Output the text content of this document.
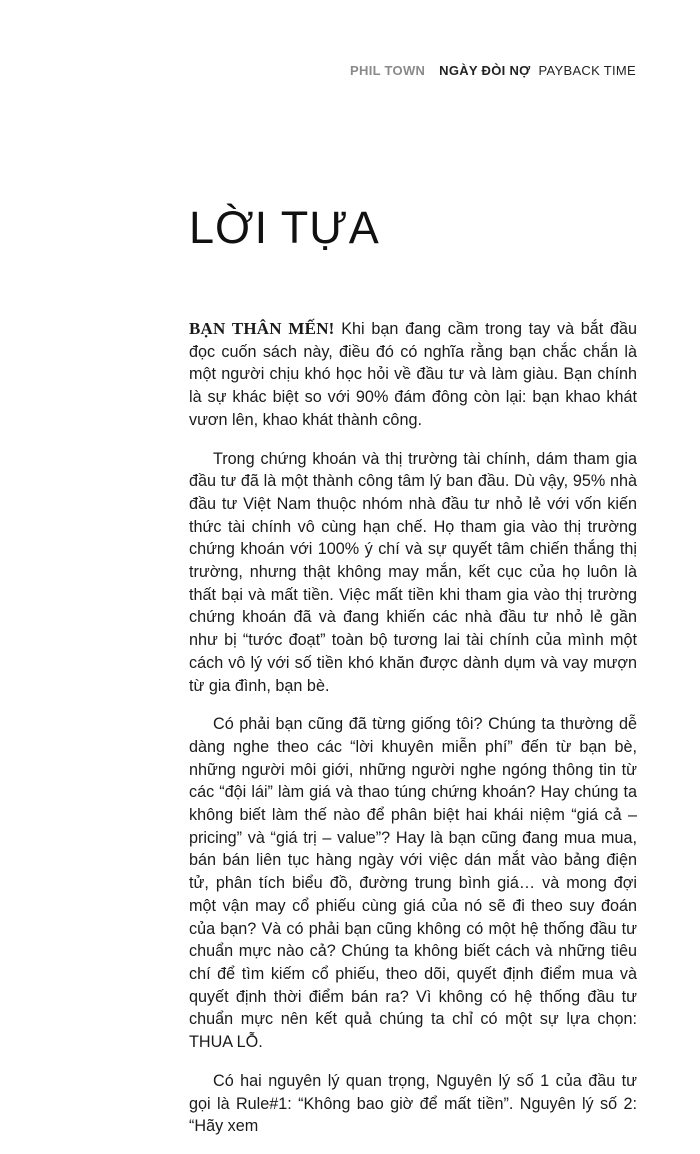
PHIL TOWN NGÀY ĐÒI NỢ PAYBACK TIME
LỜI TỰA

BẠN THÂN MẾN! Khi bạn đang cầm trong tay và bắt đầu đọc cuốn sách này, điều đó có nghĩa rằng bạn chắc chắn là một người chịu khó học hỏi về đầu tư và làm giàu. Bạn chính là sự khác biệt so với 90% đám đông còn lại: bạn khao khát vươn lên, khao khát thành công.

Trong chứng khoán và thị trường tài chính, dám tham gia đầu tư đã là một thành công tâm lý ban đầu. Dù vậy, 95% nhà đầu tư Việt Nam thuộc nhóm nhà đầu tư nhỏ lẻ với vốn kiến thức tài chính vô cùng hạn chế. Họ tham gia vào thị trường chứng khoán với 100% ý chí và sự quyết tâm chiến thắng thị trường, nhưng thật không may mắn, kết cục của họ luôn là thất bại và mất tiền. Việc mất tiền khi tham gia vào thị trường chứng khoán đã và đang khiến các nhà đầu tư nhỏ lẻ gần như bị “tước đoạt” toàn bộ tương lai tài chính của mình một cách vô lý với số tiền khó khăn được dành dụm và vay mượn từ gia đình, bạn bè.

Có phải bạn cũng đã từng giống tôi? Chúng ta thường dễ dàng nghe theo các “lời khuyên miễn phí” đến từ bạn bè, những người môi giới, những người nghe ngóng thông tin từ các “đội lái” làm giá và thao túng chứng khoán? Hay chúng ta không biết làm thế nào để phân biệt hai khái niệm “giá cả – pricing” và “giá trị – value”? Hay là bạn cũng đang mua mua, bán bán liên tục hàng ngày với việc dán mắt vào bảng điện tử, phân tích biểu đồ, đường trung bình giá… và mong đợi một vận may cổ phiếu cùng giá của nó sẽ đi theo suy đoán của bạn? Và có phải bạn cũng không có một hệ thống đầu tư chuẩn mực nào cả? Chúng ta không biết cách và những tiêu chí để tìm kiếm cổ phiếu, theo dõi, quyết định điểm mua và quyết định thời điểm bán ra? Vì không có hệ thống đầu tư chuẩn mực nên kết quả chúng ta chỉ có một sự lựa chọn: THUA LỖ.

Có hai nguyên lý quan trọng, Nguyên lý số 1 của đầu tư gọi là Rule#1: “Không bao giờ để mất tiền”. Nguyên lý số 2: “Hãy xem
